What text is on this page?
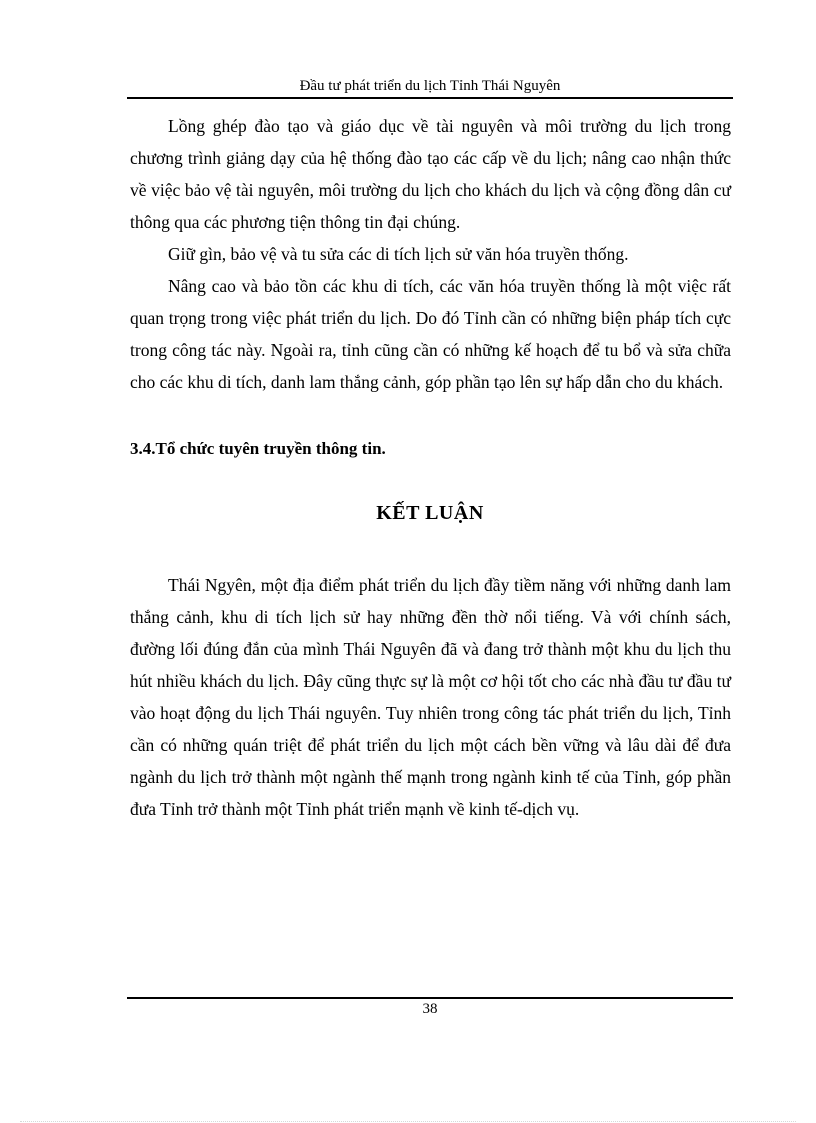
Đầu tư phát triển du lịch Tỉnh Thái Nguyên

Lồng ghép đào tạo và giáo dục về tài nguyên và môi trường du lịch trong chương trình giảng dạy của hệ thống đào tạo các cấp về du lịch; nâng cao nhận thức về việc bảo vệ tài nguyên, môi trường du lịch cho khách du lịch và cộng đồng dân cư thông qua các phương tiện thông tin đại chúng.

Giữ gìn, bảo vệ và tu sửa các di tích lịch sử văn hóa truyền thống.

Nâng cao và bảo tồn các khu di tích, các văn hóa truyền thống là một việc rất quan trọng trong việc phát triển du lịch. Do đó Tỉnh cần có những biện pháp tích cực trong công tác này. Ngoài ra, tỉnh cũng cần có những kế hoạch để tu bổ và sửa chữa cho các khu di tích, danh lam thắng cảnh, góp phần tạo lên sự hấp dẫn cho du khách.

3.4.Tổ chức tuyên truyền thông tin.

KẾT LUẬN

Thái Ngyên, một địa điểm phát triển du lịch đầy tiềm năng với những danh lam thắng cảnh, khu di tích lịch sử hay những đền thờ nổi tiếng. Và với chính sách, đường lối đúng đắn của mình Thái Nguyên đã và đang trở thành một khu du lịch thu hút nhiều khách du lịch. Đây cũng thực sự là một cơ hội tốt cho các nhà đầu tư đầu tư vào hoạt động du lịch Thái nguyên. Tuy nhiên trong công tác phát triển du lịch, Tỉnh cần có những quán triệt để phát triển du lịch một cách bền vững và lâu dài để đưa ngành du lịch trở thành một ngành thế mạnh trong ngành kinh tế của Tỉnh, góp phần đưa Tỉnh trở thành một Tỉnh phát triển mạnh về kinh tế-dịch vụ.

38
